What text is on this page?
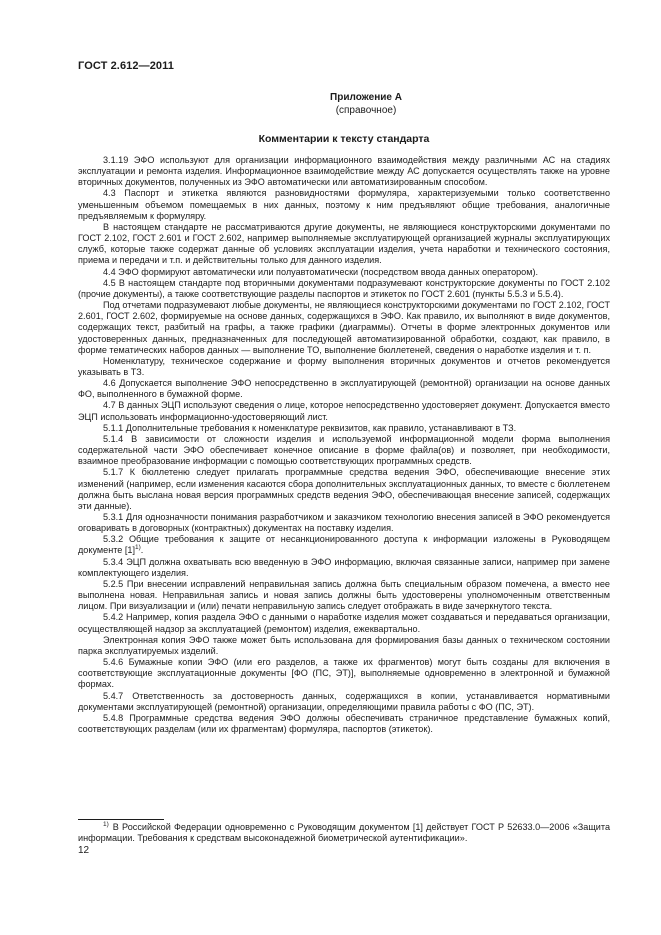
ГОСТ 2.612—2011
Приложение А
(справочное)
Комментарии к тексту стандарта

3.1.19 ЭФО используют для организации информационного взаимодействия между различными АС на стадиях эксплуатации и ремонта изделия. Информационное взаимодействие между АС допускается осуществлять также на уровне вторичных документов, полученных из ЭФО автоматически или автоматизированным способом.

4.3 Паспорт и этикетка являются разновидностями формуляра, характеризуемыми только соответственно уменьшенным объемом помещаемых в них данных, поэтому к ним предъявляют общие требования, аналогичные предъявляемым к формуляру.

В настоящем стандарте не рассматриваются другие документы, не являющиеся конструкторскими документами по ГОСТ 2.102, ГОСТ 2.601 и ГОСТ 2.602, например выполняемые эксплуатирующей организацией журналы эксплуатирующих служб, которые также содержат данные об условиях эксплуатации изделия, учета наработки и технического состояния, приема и передачи и т.п. и действительны только для данного изделия.

4.4 ЭФО формируют автоматически или полуавтоматически (посредством ввода данных оператором).

4.5 В настоящем стандарте под вторичными документами подразумевают конструкторские документы по ГОСТ 2.102 (прочие документы), а также соответствующие разделы паспортов и этикеток по ГОСТ 2.601 (пункты 5.5.3 и 5.5.4).

Под отчетами подразумевают любые документы, не являющиеся конструкторскими документами по ГОСТ 2.102, ГОСТ 2.601, ГОСТ 2.602, формируемые на основе данных, содержащихся в ЭФО. Как правило, их выполняют в виде документов, содержащих текст, разбитый на графы, а также графики (диаграммы). Отчеты в форме электронных документов или удостоверенных данных, предназначенных для последующей автоматизированной обработки, создают, как правило, в форме тематических наборов данных — выполнение ТО, выполнение бюллетеней, сведения о наработке изделия и т. п.

Номенклатуру, техническое содержание и форму выполнения вторичных документов и отчетов рекомендуется указывать в ТЗ.

4.6 Допускается выполнение ЭФО непосредственно в эксплуатирующей (ремонтной) организации на основе данных ФО, выполненного в бумажной форме.

4.7 В данных ЭЦП используют сведения о лице, которое непосредственно удостоверяет документ. Допускается вместо ЭЦП использовать информационно-удостоверяющий лист.

5.1.1 Дополнительные требования к номенклатуре реквизитов, как правило, устанавливают в ТЗ.

5.1.4 В зависимости от сложности изделия и используемой информационной модели форма выполнения содержательной части ЭФО обеспечивает конечное описание в форме файла(ов) и позволяет, при необходимости, взаимное преобразование информации с помощью соответствующих программных средств.

5.1.7 К бюллетеню следует прилагать программные средства ведения ЭФО, обеспечивающие внесение этих изменений (например, если изменения касаются сбора дополнительных эксплуатационных данных, то вместе с бюллетенем должна быть выслана новая версия программных средств ведения ЭФО, обеспечивающая внесение записей, содержащих эти данные).

5.3.1 Для однозначности понимания разработчиком и заказчиком технологию внесения записей в ЭФО рекомендуется оговаривать в договорных (контрактных) документах на поставку изделия.

5.3.2 Общие требования к защите от несанкционированного доступа к информации изложены в Руководящем документе [1]$^{1)}$.

5.3.4 ЭЦП должна охватывать всю введенную в ЭФО информацию, включая связанные записи, например при замене комплектующего изделия.

5.2.5 При внесении исправлений неправильная запись должна быть специальным образом помечена, а вместо нее выполнена новая. Неправильная запись и новая запись должны быть удостоверены уполномоченным ответственным лицом. При визуализации и (или) печати неправильную запись следует отображать в виде зачеркнутого текста.

5.4.2 Например, копия раздела ЭФО с данными о наработке изделия может создаваться и передаваться организации, осуществляющей надзор за эксплуатацией (ремонтом) изделия, ежеквартально.

Электронная копия ЭФО также может быть использована для формирования базы данных о техническом состоянии парка эксплуатируемых изделий.

5.4.6 Бумажные копии ЭФО (или его разделов, а также их фрагментов) могут быть созданы для включения в соответствующие эксплуатационные документы [ФО (ПС, ЭТ)], выполняемые одновременно в электронной и бумажной формах.

5.4.7 Ответственность за достоверность данных, содержащихся в копии, устанавливается нормативными документами эксплуатирующей (ремонтной) организации, определяющими правила работы с ФО (ПС, ЭТ).

5.4.8 Программные средства ведения ЭФО должны обеспечивать страничное представление бумажных копий, соответствующих разделам (или их фрагментам) формуляра, паспортов (этикеток).

$^{1)}$ В Российской Федерации одновременно с Руководящим документом [1] действует ГОСТ Р 52633.0—2006 «Защита информации. Требования к средствам высоконадежной биометрической аутентификации».

12
